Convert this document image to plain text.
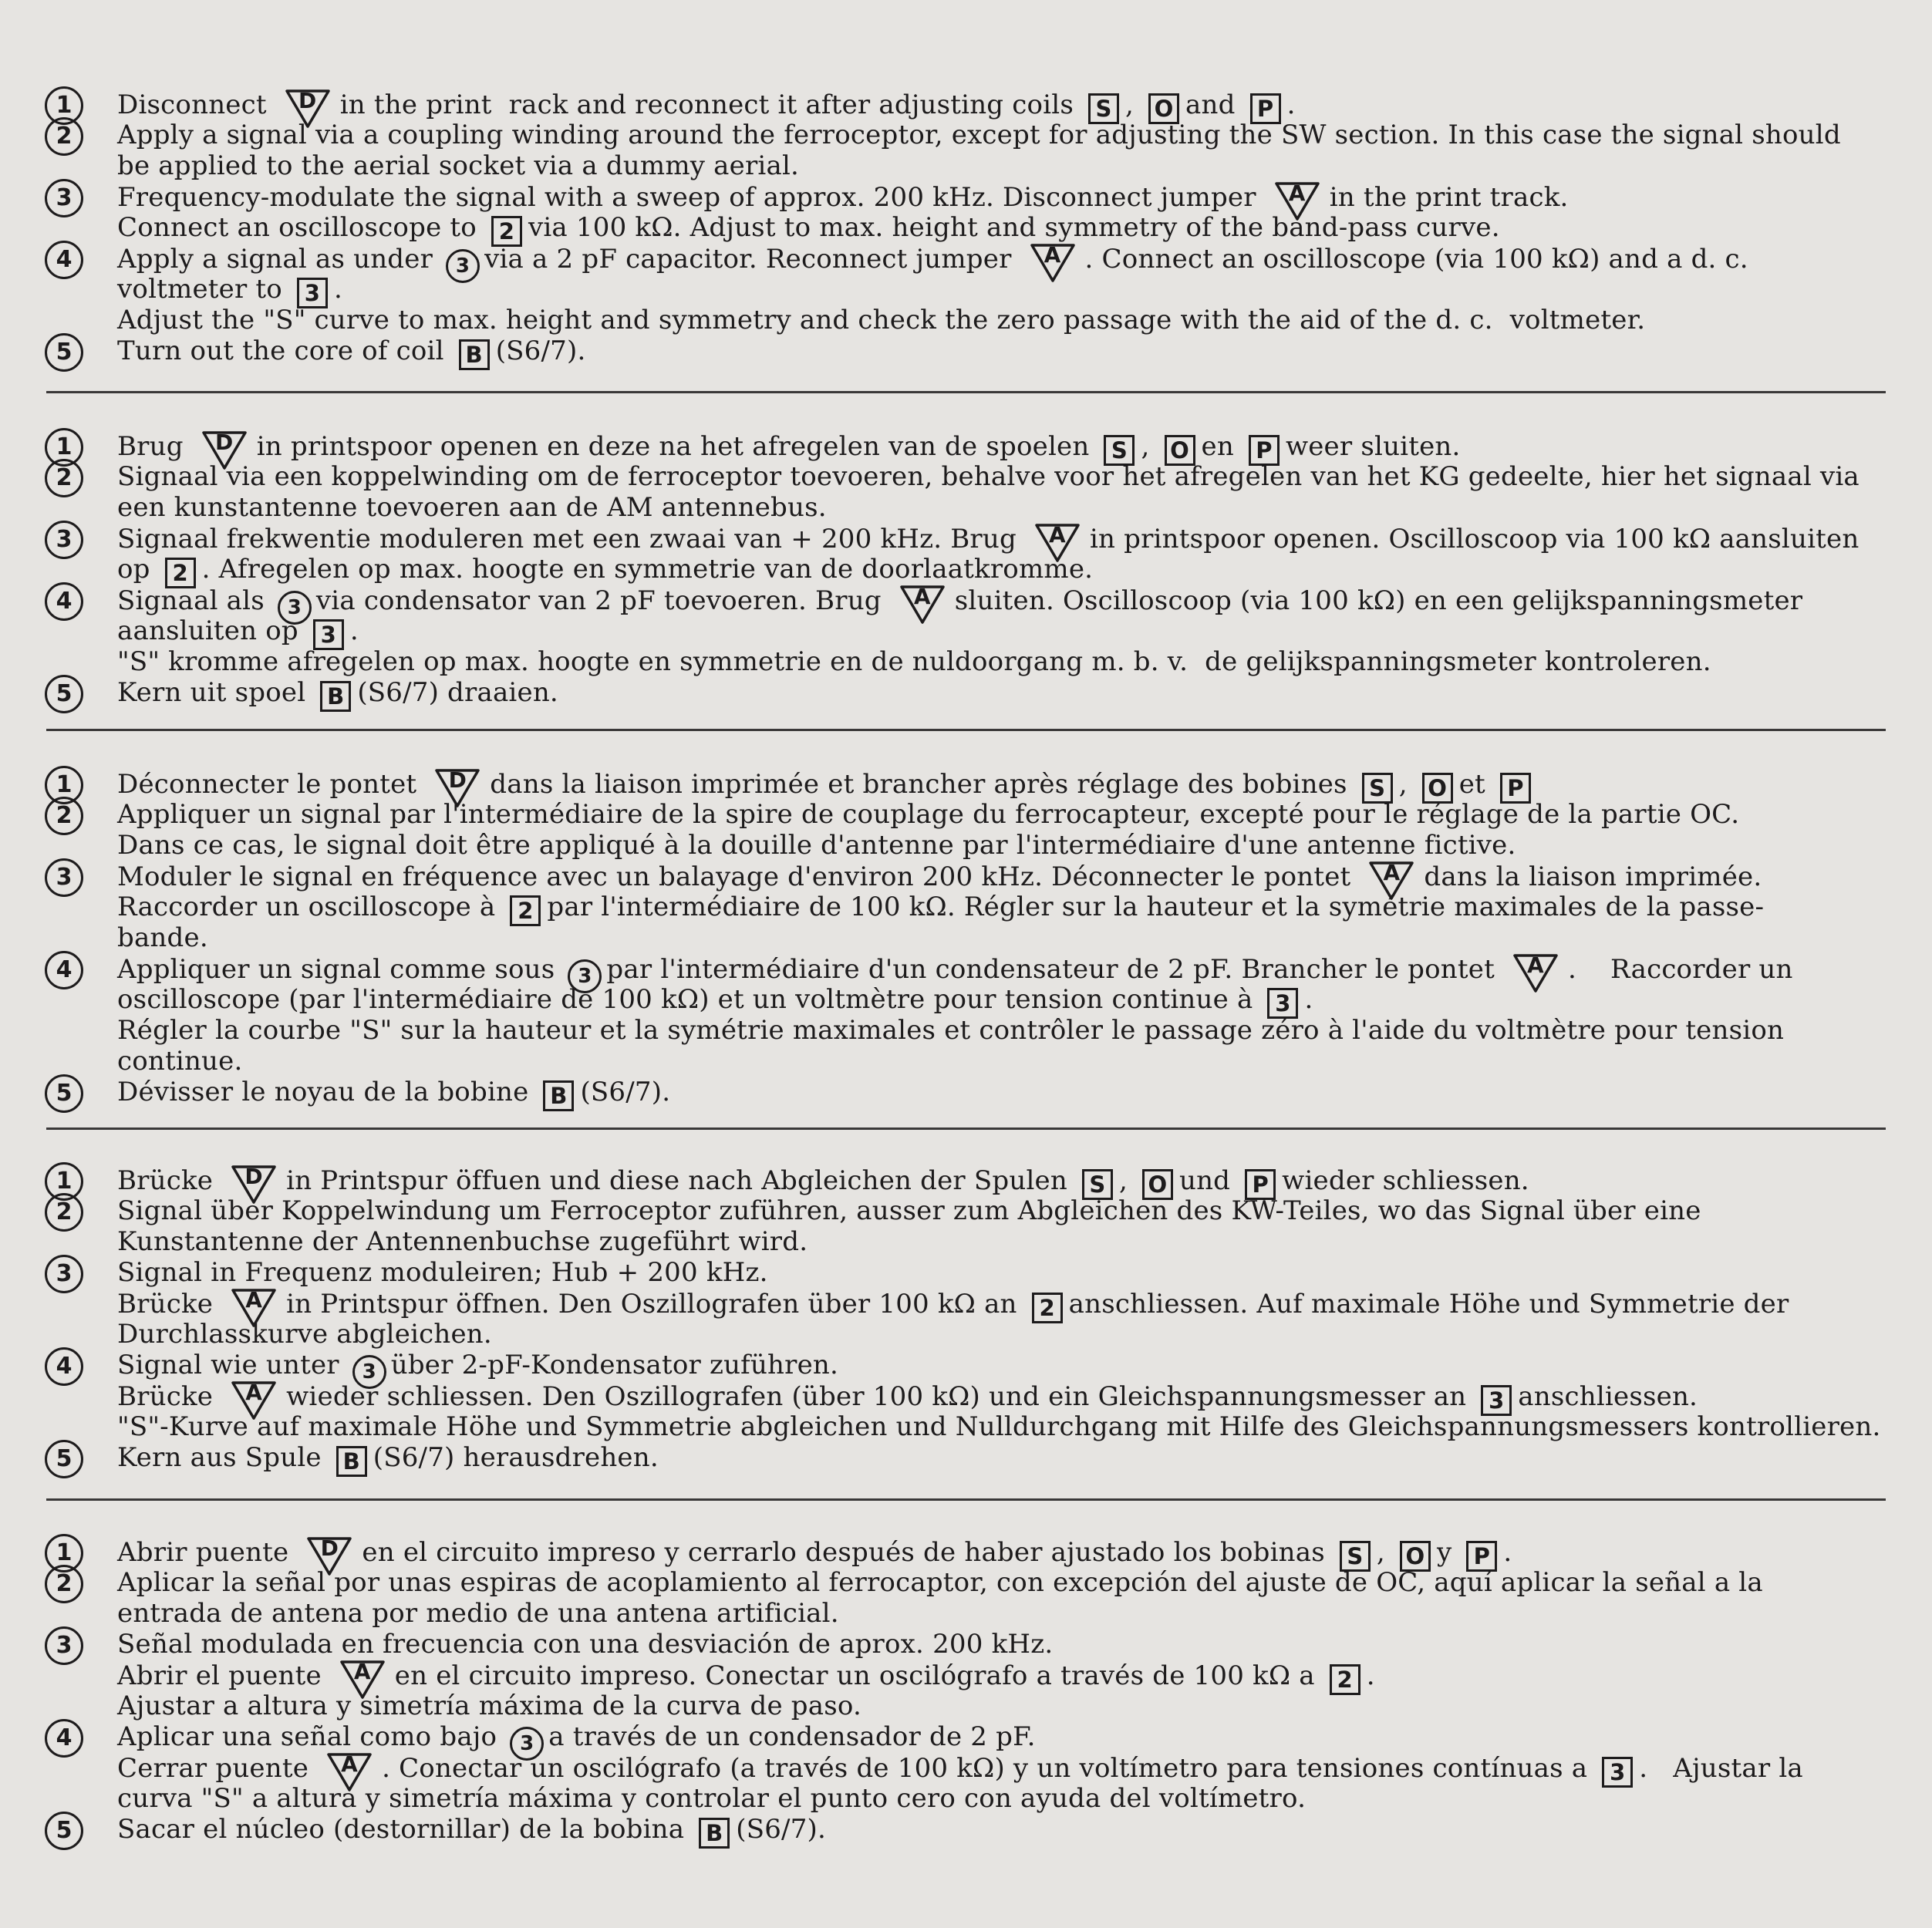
1	Disconnect	D in the print  rack and reconnect it after adjusting coils S , O and P .
2	Apply a signal via a coupling winding around the ferroceptor, except for adjusting the SW section. In this case the signal should
be applied to the aerial socket via a dummy aerial.
3	Frequency-modulate the signal with a sweep of approx. 200 kHz. Disconnect jumper	A in the print track.
Connect an oscilloscope to 2 via 100 kΩ. Adjust to max. height and symmetry of the band-pass curve.
4	Apply a signal as under 3 via a 2 pF capacitor. Reconnect jumper	A . Connect an oscilloscope (via 100 kΩ) and a d. c.
voltmeter to 3 .
Adjust the "S" curve to max. height and symmetry and check the zero passage with the aid of the d. c.  voltmeter.
5	Turn out the core of coil B (S6/7).
1	Brug	D in printspoor openen en deze na het afregelen van de spoelen S , O en P weer sluiten.
2	Signaal via een koppelwinding om de ferroceptor toevoeren, behalve voor het afregelen van het KG gedeelte, hier het signaal via
een kunstantenne toevoeren aan de AM antennebus.
3	Signaal frekwentie moduleren met een zwaai van + 200 kHz. Brug	A in printspoor openen. Oscilloscoop via 100 kΩ aansluiten
op 2 . Afregelen op max. hoogte en symmetrie van de doorlaatkromme.
4	Signaal als 3 via condensator van 2 pF toevoeren. Brug	A sluiten. Oscilloscoop (via 100 kΩ) en een gelijkspanningsmeter
aansluiten op 3 .
"S" kromme afregelen op max. hoogte en symmetrie en de nuldoorgang m. b. v.  de gelijkspanningsmeter kontroleren.
5	Kern uit spoel B (S6/7) draaien.
1	Déconnecter le pontet	D dans la liaison imprimée et brancher après réglage des bobines S , O et P
2	Appliquer un signal par l'intermédiaire de la spire de couplage du ferrocapteur, excepté pour le réglage de la partie OC.
Dans ce cas, le signal doit être appliqué à la douille d'antenne par l'intermédiaire d'une antenne fictive.
3	Moduler le signal en fréquence avec un balayage d'environ 200 kHz. Déconnecter le pontet	A dans la liaison imprimée.
Raccorder un oscilloscope à 2 par l'intermédiaire de 100 kΩ. Régler sur la hauteur et la symétrie maximales de la passe-
bande.
4	Appliquer un signal comme sous 3 par l'intermédiaire d'un condensateur de 2 pF. Brancher le pontet	A .    Raccorder un
oscilloscope (par l'intermédiaire de 100 kΩ) et un voltmètre pour tension continue à 3 .
Régler la courbe "S" sur la hauteur et la symétrie maximales et contrôler le passage zéro à l'aide du voltmètre pour tension
continue.
5	Dévisser le noyau de la bobine B (S6/7).
1	Brücke	D in Printspur öffuen und diese nach Abgleichen der Spulen S , O und P wieder schliessen.
2	Signal über Koppelwindung um Ferroceptor zuführen, ausser zum Abgleichen des KW-Teiles, wo das Signal über eine
Kunstantenne der Antennenbuchse zugeführt wird.
3	Signal in Frequenz moduleiren; Hub + 200 kHz.
Brücke	A in Printspur öffnen. Den Oszillografen über 100 kΩ an 2 anschliessen. Auf maximale Höhe und Symmetrie der
Durchlasskurve abgleichen.
4	Signal wie unter 3 über 2-pF-Kondensator zuführen.
Brücke	A wieder schliessen. Den Oszillografen (über 100 kΩ) und ein Gleichspannungsmesser an 3 anschliessen.
"S"-Kurve auf maximale Höhe und Symmetrie abgleichen und Nulldurchgang mit Hilfe des Gleichspannungsmessers kontrollieren.
5	Kern aus Spule B (S6/7) herausdrehen.
1	Abrir puente	D en el circuito impreso y cerrarlo después de haber ajustado los bobinas S , O y P .
2	Aplicar la señal por unas espiras de acoplamiento al ferrocaptor, con excepción del ajuste de OC, aquí aplicar la señal a la
entrada de antena por medio de una antena artificial.
3	Señal modulada en frecuencia con una desviación de aprox. 200 kHz.
Abrir el puente	A en el circuito impreso. Conectar un oscilógrafo a través de 100 kΩ a 2 .
Ajustar a altura y simetría máxima de la curva de paso.
4	Aplicar una señal como bajo 3 a través de un condensador de 2 pF.
Cerrar puente	A . Conectar un oscilógrafo (a través de 100 kΩ) y un voltímetro para tensiones contínuas a 3 .   Ajustar la
curva "S" a altura y simetría máxima y controlar el punto cero con ayuda del voltímetro.
5	Sacar el núcleo (destornillar) de la bobina B (S6/7).
